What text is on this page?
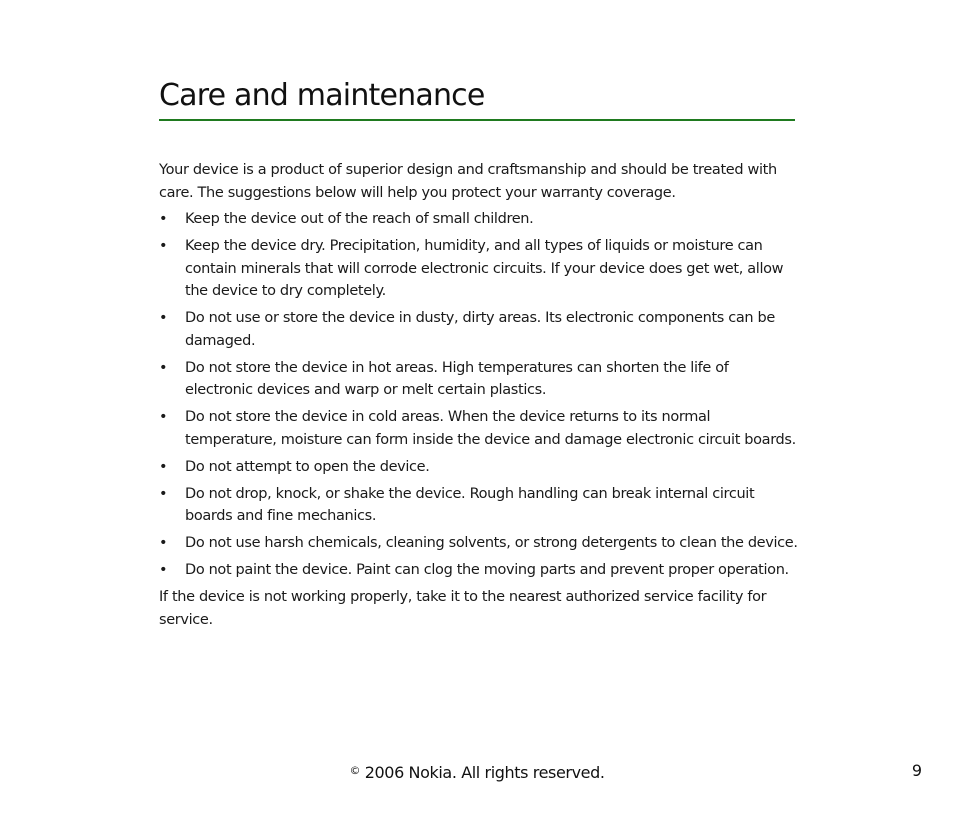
Care and maintenance

Your device is a product of superior design and craftsmanship and should be treated with care. The suggestions below will help you protect your warranty coverage.

• Keep the device out of the reach of small children.
• Keep the device dry. Precipitation, humidity, and all types of liquids or moisture can contain minerals that will corrode electronic circuits. If your device does get wet, allow the device to dry completely.
• Do not use or store the device in dusty, dirty areas. Its electronic components can be damaged.
• Do not store the device in hot areas. High temperatures can shorten the life of electronic devices and warp or melt certain plastics.
• Do not store the device in cold areas. When the device returns to its normal temperature, moisture can form inside the device and damage electronic circuit boards.
• Do not attempt to open the device.
• Do not drop, knock, or shake the device. Rough handling can break internal circuit boards and fine mechanics.
• Do not use harsh chemicals, cleaning solvents, or strong detergents to clean the device.
• Do not paint the device. Paint can clog the moving parts and prevent proper operation.

If the device is not working properly, take it to the nearest authorized service facility for service.

© 2006 Nokia. All rights reserved.	9
